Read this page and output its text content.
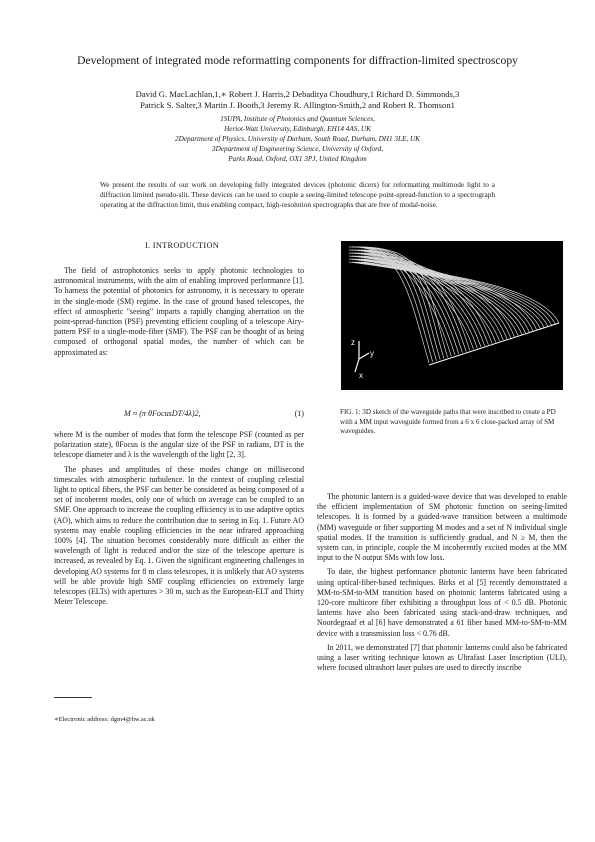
Development of integrated mode reformatting components for diffraction-limited spectroscopy
David G. MacLachlan,1,∗ Robert J. Harris,2 Debaditya Choudhury,1 Richard D. Simmonds,3
Patrick S. Salter,3 Martin J. Booth,3 Jeremy R. Allington-Smith,2 and Robert R. Thomson1
1SUPA, Institute of Photonics and Quantum Sciences,
Heriot-Watt University, Edinburgh, EH14 4AS, UK
2Department of Physics, University of Durham, South Road, Durham, DH1 3LE, UK
3Department of Engineering Science, University of Oxford,
Parks Road, Oxford, OX1 3PJ, United Kingdom
We present the results of our work on developing fully integrated devices (photonic dicers) for reformatting multimode light to a diffraction limited pseudo-slit. These devices can be used to couple a seeing-limited telescope point-spread-function to a spectrograph operating at the diffraction limit, thus enabling compact, high-resolution spectrographs that are free of modal-noise.
I. INTRODUCTION

The field of astrophotonics seeks to apply photonic technologies to astronomical instruments, with the aim of enabling improved performance [1]. To harness the potential of photonics for astronomy, it is necessary to operate in the single-mode (SM) regime. In the case of ground based telescopes, the effect of atmospheric "seeing" imparts a rapidly changing aberration on the point-spread-function (PSF) preventing efficient coupling of a telescope Airy-pattern PSF to a single-mode-fiber (SMF). The PSF can be thought of as being composed of orthogonal spatial modes, the number of which can be approximated as:

M ≈ (π θFocusDT/4λ)2,	(1)

where M is the number of modes that form the telescope PSF (counted as per polarization state), θFocus is the angular size of the PSF in radians, DT is the telescope diameter and λ is the wavelength of the light [2, 3].

The phases and amplitudes of these modes change on millisecond timescales with atmospheric turbulence. In the context of coupling celestial light to optical fibers, the PSF can better be considered as being composed of a set of incoherent modes, only one of which on average can be coupled to an SMF. One approach to increase the coupling efficiency is to use adaptive optics (AO), which aims to reduce the contribution due to seeing in Eq. 1. Future AO systems may enable coupling efficiencies in the near infrared approaching 100% [4]. The situation becomes considerably more difficult as either the wavelength of light is reduced and/or the size of the telescope aperture is increased, as revealed by Eq. 1. Given the significant engineering challenges in developing AO systems for 8 m class telescopes, it is unlikely that AO systems will be able provide high SMF coupling efficiencies on extremely large telescopes (ELTs) with apertures > 30 m, such as the European-ELT and Thirty Meter Telescope.

z
y
x
FIG. 1: 3D sketch of the waveguide paths that were inscribed to create a PD with a MM input waveguide formed from a 6 x 6 close-packed array of SM waveguides.

The photonic lantern is a guided-wave device that was developed to enable the efficient implementation of SM photonic function on seeing-limited telescopes. It is formed by a guided-wave transition between a multimode (MM) waveguide or fiber supporting M modes and a set of N individual single spatial modes. If the transition is sufficiently gradual, and N ≥ M, then the system can, in principle, couple the M incoherently excited modes at the MM input to the N output SMs with low loss.

To date, the highest performance photonic lanterns have been fabricated using optical-fiber-based techniques. Birks et al [5] recently demonstrated a MM-to-SM-to-MM transition based on photonic lanterns fabricated using a 120-core multicore fiber exhibiting a throughput loss of < 0.5 dB. Photonic lanterns have also been fabricated using stack-and-draw techniques, and Noordegraaf et al [6] have demonstrated a 61 fiber based MM-to-SM-to-MM device with a transmission loss < 0.76 dB.

In 2011, we demonstrated [7] that photonic lanterns could also be fabricated using a laser writing technique known as Ultrafast Laser Inscription (ULI), where focused ultrashort laser pulses are used to directly inscribe

∗Electronic address: dgm4@hw.ac.uk
